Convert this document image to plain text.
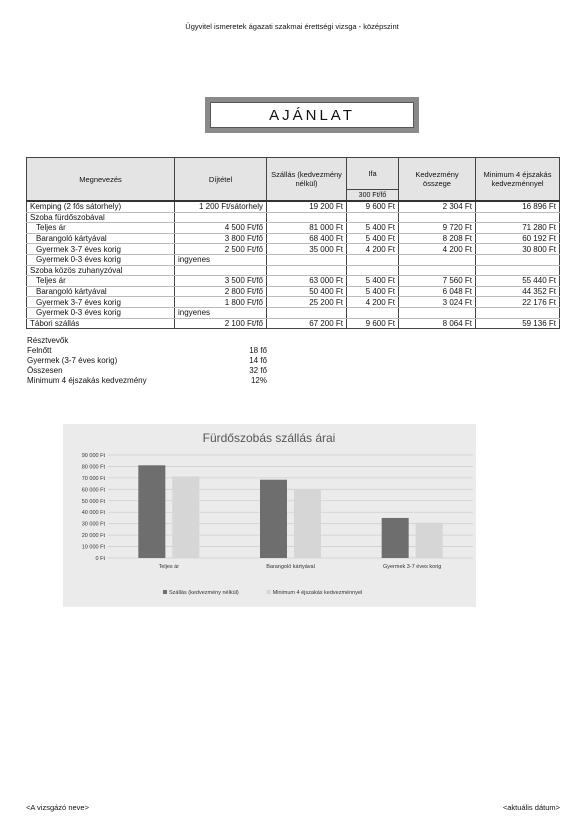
Ügyvitel ismeretek ágazati szakmai érettségi vizsga - középszint
AJÁNLAT
Megnevezés	Díjtétel	Szállás (kedvezmény nélkül)	Ifa	Kedvezmény összege	Minimum 4 éjszakás kedvezménnyel
			300 Ft/fő		
Kemping (2 fős sátorhely)	1 200 Ft/sátorhely	19 200 Ft	9 600 Ft	2 304 Ft	16 896 Ft
Szoba fürdőszobával					
Teljes ár	4 500 Ft/fő	81 000 Ft	5 400 Ft	9 720 Ft	71 280 Ft
Barangoló kártyával	3 800 Ft/fő	68 400 Ft	5 400 Ft	8 208 Ft	60 192 Ft
Gyermek 3-7 éves korig	2 500 Ft/fő	35 000 Ft	4 200 Ft	4 200 Ft	30 800 Ft
Gyermek 0-3 éves korig	ingyenes				
Szoba közös zuhanyzóval					
Teljes ár	3 500 Ft/fő	63 000 Ft	5 400 Ft	7 560 Ft	55 440 Ft
Barangoló kártyával	2 800 Ft/fő	50 400 Ft	5 400 Ft	6 048 Ft	44 352 Ft
Gyermek 3-7 éves korig	1 800 Ft/fő	25 200 Ft	4 200 Ft	3 024 Ft	22 176 Ft
Gyermek 0-3 éves korig	ingyenes				
Tábori szállás	2 100 Ft/fő	67 200 Ft	9 600 Ft	8 064 Ft	59 136 Ft
Résztvevők
Felnőtt	18 fő
Gyermek (3-7 éves korig)	14 fő
Összesen	32 fő
Minimum 4 éjszakás kedvezmény	12%
Fürdőszobás szállás árai
0 Ft
10 000 Ft
20 000 Ft
30 000 Ft
40 000 Ft
50 000 Ft
60 000 Ft
70 000 Ft
80 000 Ft
90 000 Ft
Teljes ár	Barangoló kártyával	Gyermek 3-7 éves korig
Szállás (kedvezmény nélkül)	Minimum 4 éjszakás kedvezménnyel
<A vizsgázó neve>	<aktuális dátum>
